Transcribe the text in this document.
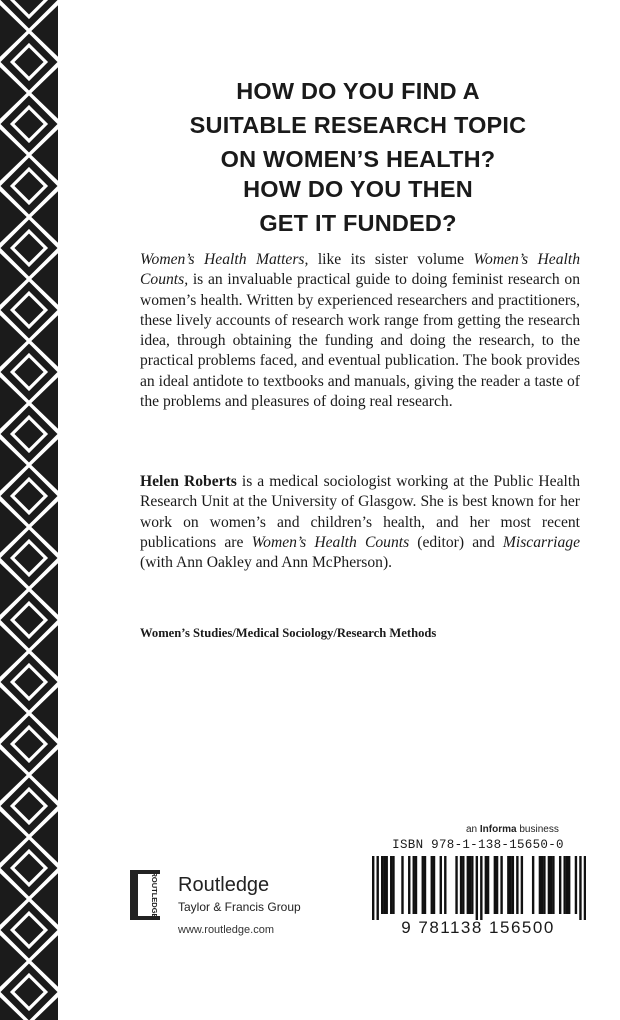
HOW DO YOU FIND A
SUITABLE RESEARCH TOPIC
ON WOMEN’S HEALTH?
HOW DO YOU THEN
GET IT FUNDED?
Women’s Health Matters, like its sister volume Women’s Health Counts, is an invaluable practical guide to doing feminist research on women’s health. Written by experienced researchers and practitioners, these lively accounts of research work range from getting the research idea, through obtaining the funding and doing the research, to the practical problems faced, and eventual publication. The book provides an ideal antidote to textbooks and manuals, giving the reader a taste of the problems and pleasures of doing real research.
Helen Roberts is a medical sociologist working at the Public Health Research Unit at the University of Glasgow. She is best known for her work on women’s and children’s health, and her most recent publications are Women’s Health Counts (editor) and Miscarriage (with Ann Oakley and Ann McPherson).
Women’s Studies/Medical Sociology/Research Methods
an Informa business
ISBN 978-1-138-15650-0
9 781138 156500
ROUTLEDGE Routledge
Taylor & Francis Group
www.routledge.com
